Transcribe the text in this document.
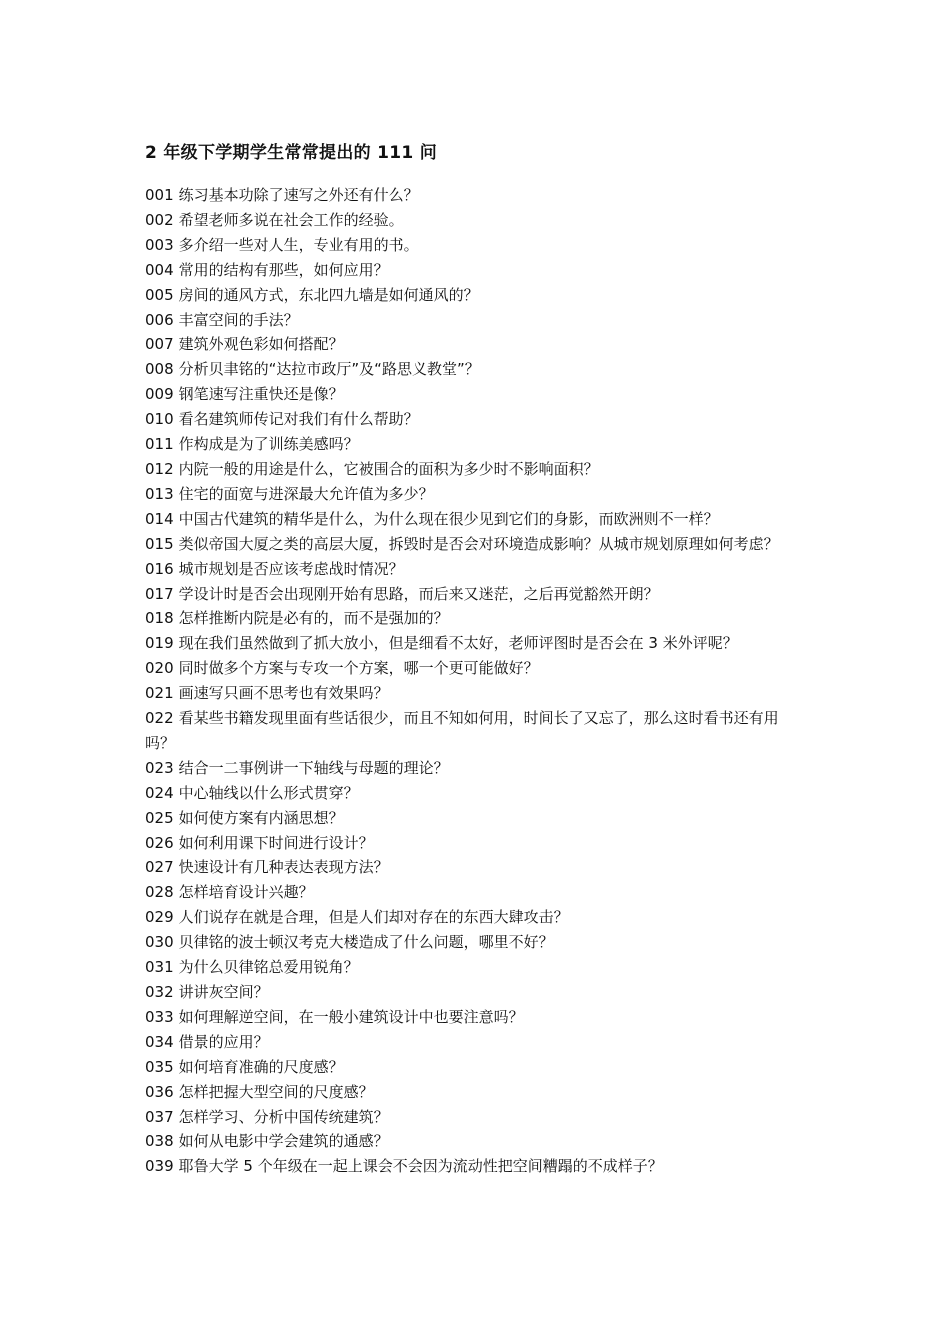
2 年级下学期学生常常提出的 111 问
001 练习基本功除了速写之外还有什么？
002 希望老师多说在社会工作的经验。
003 多介绍一些对人生，专业有用的书。
004 常用的结构有那些，如何应用？
005 房间的通风方式，东北四九墙是如何通风的？
006 丰富空间的手法？
007 建筑外观色彩如何搭配？
008 分析贝聿铭的“达拉市政厅”及“路思义教堂”？
009 钢笔速写注重快还是像？
010 看名建筑师传记对我们有什么帮助？
011 作构成是为了训练美感吗？
012 内院一般的用途是什么，它被围合的面积为多少时不影响面积？
013 住宅的面宽与进深最大允许值为多少？
014 中国古代建筑的精华是什么，为什么现在很少见到它们的身影，而欧洲则不一样？
015 类似帝国大厦之类的高层大厦，拆毁时是否会对环境造成影响？从城市规划原理如何考虑？
016 城市规划是否应该考虑战时情况？
017 学设计时是否会出现刚开始有思路，而后来又迷茫，之后再觉豁然开朗？
018 怎样推断内院是必有的，而不是强加的？
019 现在我们虽然做到了抓大放小，但是细看不太好，老师评图时是否会在 3 米外评呢？
020 同时做多个方案与专攻一个方案，哪一个更可能做好？
021 画速写只画不思考也有效果吗？
022 看某些书籍发现里面有些话很少，而且不知如何用，时间长了又忘了，那么这时看书还有用吗？
023 结合一二事例讲一下轴线与母题的理论？
024 中心轴线以什么形式贯穿？
025 如何使方案有内涵思想？
026 如何利用课下时间进行设计？
027 快速设计有几种表达表现方法？
028 怎样培育设计兴趣？
029 人们说存在就是合理，但是人们却对存在的东西大肆攻击？
030 贝律铭的波士顿汉考克大楼造成了什么问题，哪里不好？
031 为什么贝律铭总爱用锐角？
032 讲讲灰空间？
033 如何理解逆空间，在一般小建筑设计中也要注意吗？
034 借景的应用？
035 如何培育准确的尺度感？
036 怎样把握大型空间的尺度感？
037 怎样学习、分析中国传统建筑？
038 如何从电影中学会建筑的通感？
039 耶鲁大学 5 个年级在一起上课会不会因为流动性把空间糟蹋的不成样子？
